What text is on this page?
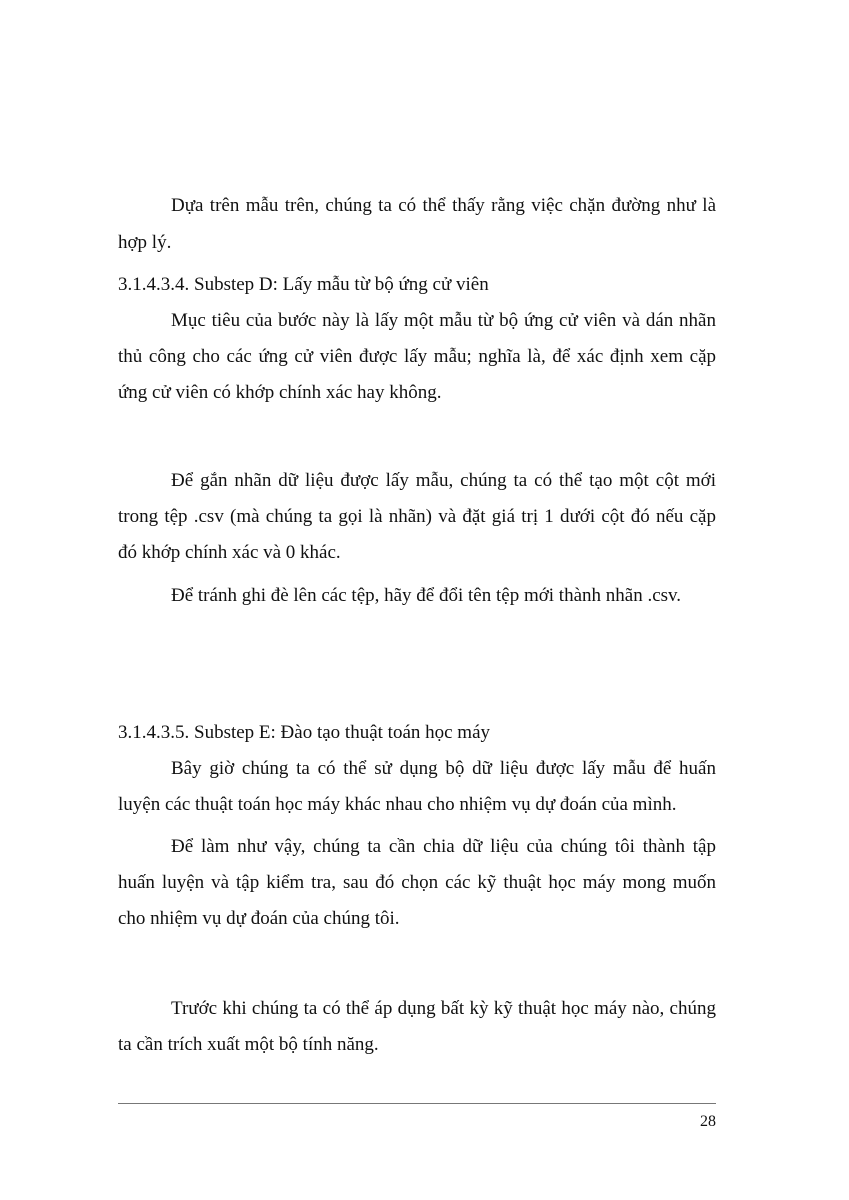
Dựa trên mẫu trên, chúng ta có thể thấy rằng việc chặn đường như là

hợp lý.

3.1.4.3.4. Substep D: Lấy mẫu từ bộ ứng cử viên

Mục tiêu của bước này là lấy một mẫu từ bộ ứng cử viên và dán nhãn

thủ công cho các ứng cử viên được lấy mẫu; nghĩa là, để xác định xem cặp

ứng cử viên có khớp chính xác hay không.

Để gắn nhãn dữ liệu được lấy mẫu, chúng ta có thể tạo một cột mới

trong tệp .csv (mà chúng ta gọi là nhãn) và đặt giá trị 1 dưới cột đó nếu cặp

đó khớp chính xác và 0 khác.

Để tránh ghi đè lên các tệp, hãy để đổi tên tệp mới thành nhãn .csv.

3.1.4.3.5. Substep E: Đào tạo thuật toán học máy

Bây giờ chúng ta có thể sử dụng bộ dữ liệu được lấy mẫu để huấn

luyện các thuật toán học máy khác nhau cho nhiệm vụ dự đoán của mình.

Để làm như vậy, chúng ta cần chia dữ liệu của chúng tôi thành tập

huấn luyện và tập kiểm tra, sau đó chọn các kỹ thuật học máy mong muốn

cho nhiệm vụ dự đoán của chúng tôi.

Trước khi chúng ta có thể áp dụng bất kỳ kỹ thuật học máy nào, chúng

ta cần trích xuất một bộ tính năng.

28
